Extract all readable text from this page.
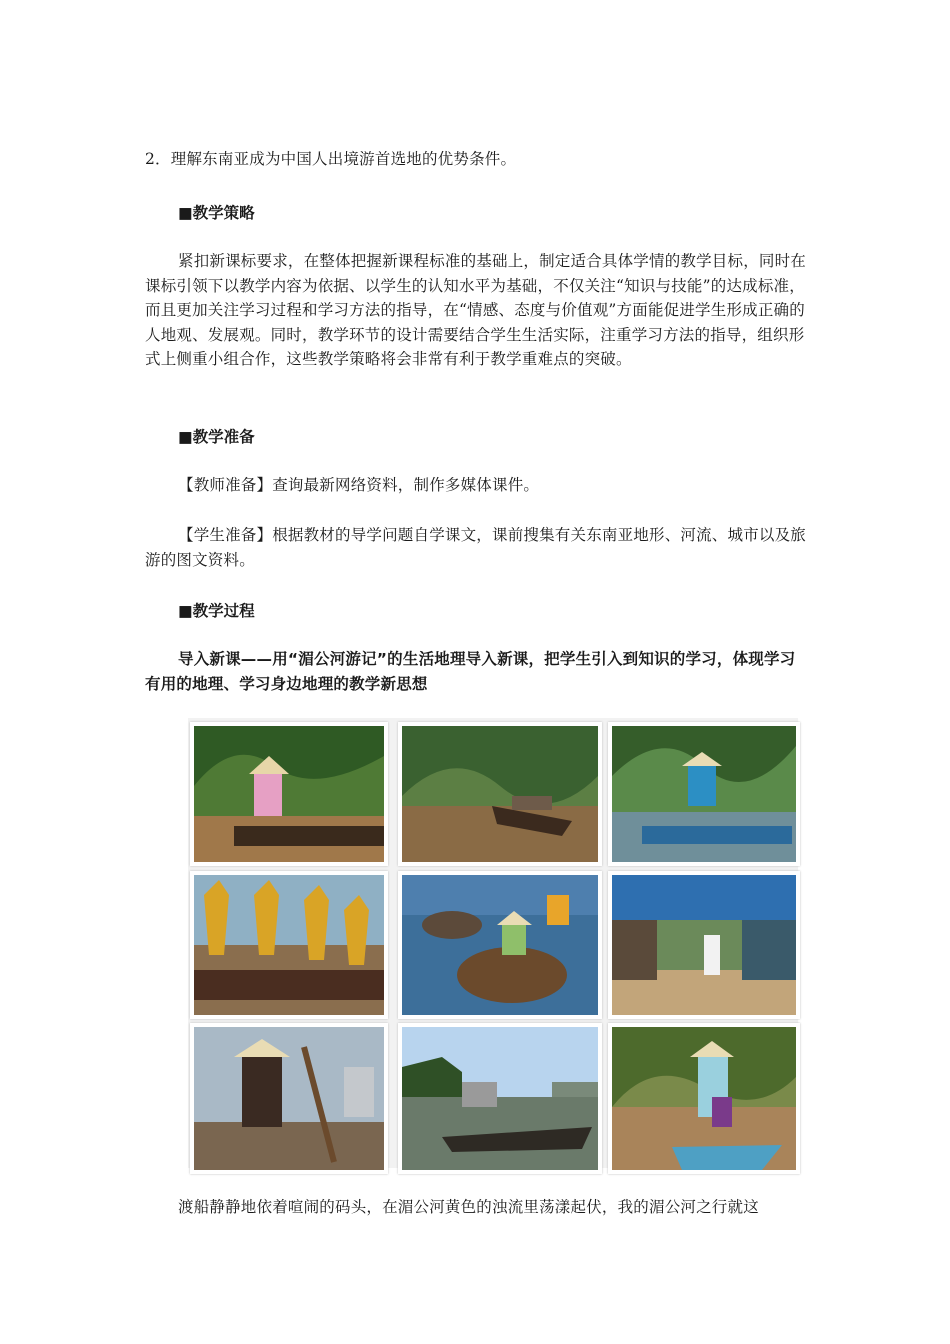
2．理解东南亚成为中国人出境游首选地的优势条件。
■教学策略
紧扣新课标要求，在整体把握新课程标准的基础上，制定适合具体学情的教学目标，同时在课标引领下以教学内容为依据、以学生的认知水平为基础，不仅关注“知识与技能”的达成标准，而且更加关注学习过程和学习方法的指导，在“情感、态度与价值观”方面能促进学生形成正确的人地观、发展观。同时，教学环节的设计需要结合学生生活实际，注重学习方法的指导，组织形式上侧重小组合作，这些教学策略将会非常有利于教学重难点的突破。
■教学准备
【教师准备】查询最新网络资料，制作多媒体课件。
【学生准备】根据教材的导学问题自学课文，课前搜集有关东南亚地形、河流、城市以及旅游的图文资料。
■教学过程
导入新课——用“湄公河游记”的生活地理导入新课，把学生引入到知识的学习，体现学习有用的地理、学习身边地理的教学新思想
渡船静静地依着喧闹的码头，在湄公河黄色的浊流里荡漾起伏，我的湄公河之行就这
